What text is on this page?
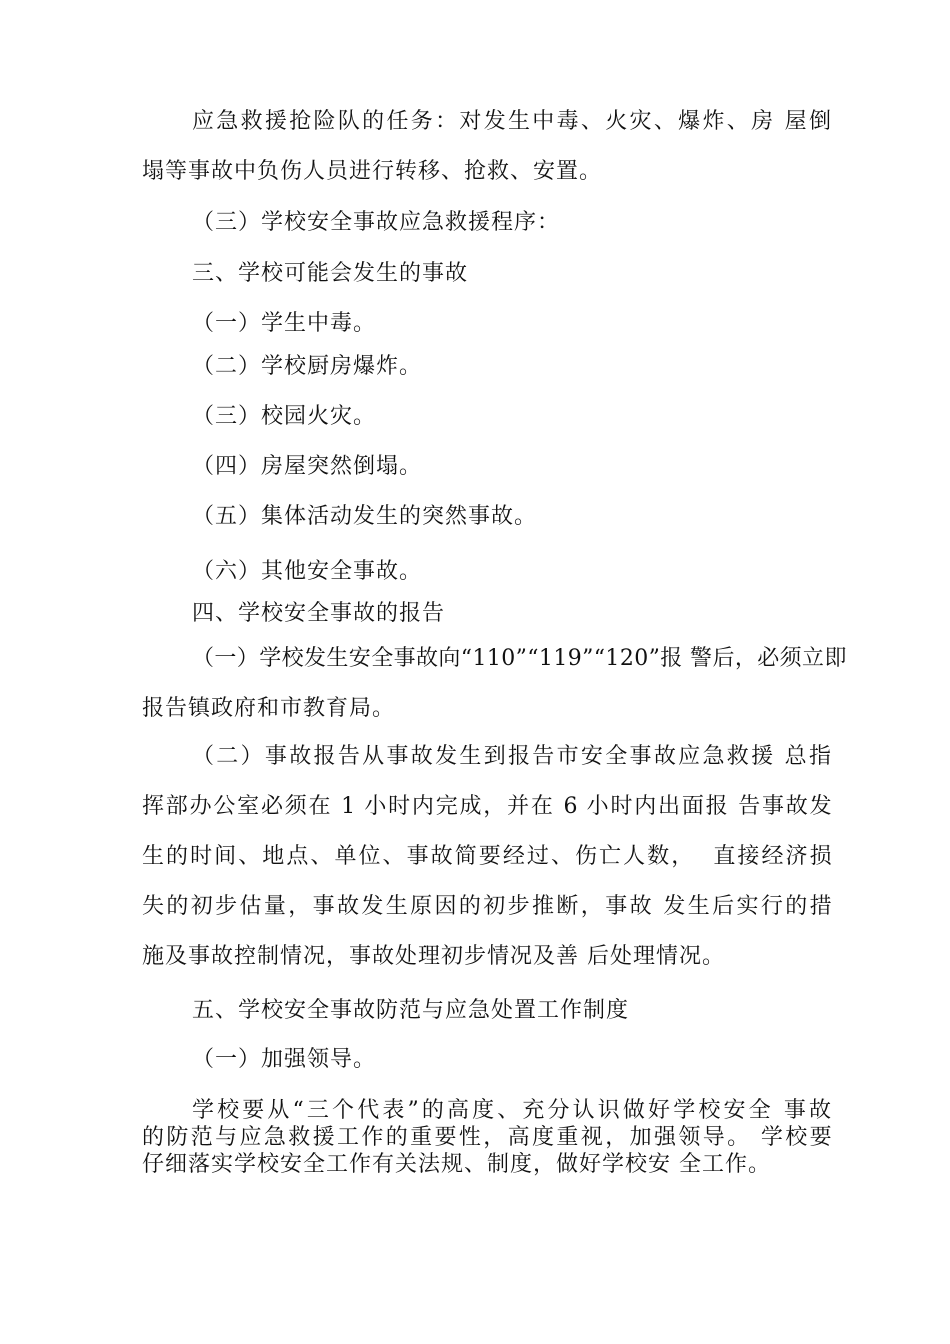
应急救援抢险队的任务：对发生中毒、火灾、爆炸、房 屋倒
塌等事故中负伤人员进行转移、抢救、安置。
（三）学校安全事故应急救援程序：
三、学校可能会发生的事故
（一）学生中毒。
（二）学校厨房爆炸。
（三）校园火灾。
（四）房屋突然倒塌。
（五）集体活动发生的突然事故。
（六）其他安全事故。
四、学校安全事故的报告
（一）学校发生安全事故向“110”“119”“120”报 警后，必须立即
报告镇政府和市教育局。
（二）事故报告从事故发生到报告市安全事故应急救援 总指
挥部办公室必须在 1 小时内完成，并在 6 小时内出面报 告事故发
生的时间、地点、单位、事故简要经过、伤亡人数，  直接经济损
失的初步估量，事故发生原因的初步推断，事故 发生后实行的措
施及事故控制情况，事故处理初步情况及善 后处理情况。
五、学校安全事故防范与应急处置工作制度
（一）加强领导。
学校要从“三个代表”的高度、充分认识做好学校安全 事故
的防范与应急救援工作的重要性，高度重视，加强领导。 学校要
仔细落实学校安全工作有关法规、制度，做好学校安 全工作。
